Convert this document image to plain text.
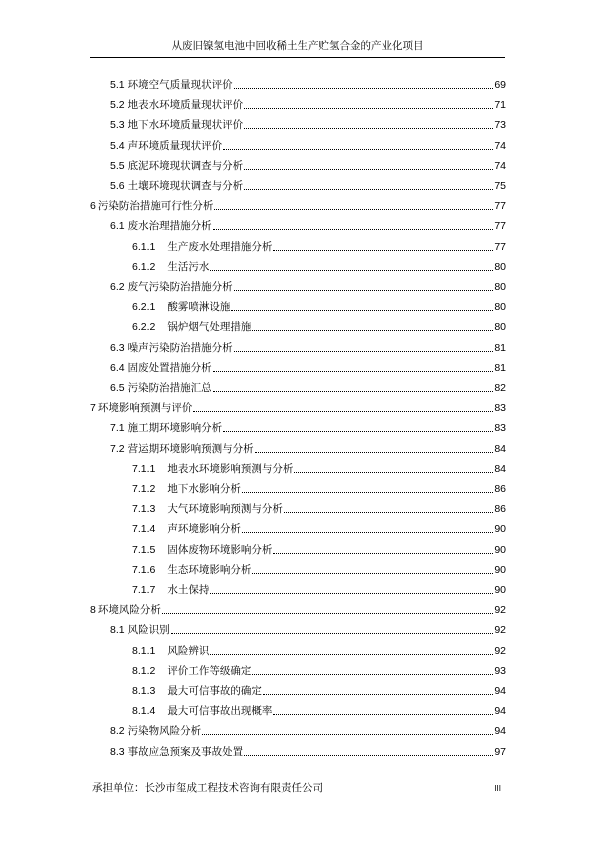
从废旧镍氢电池中回收稀土生产贮氢合金的产业化项目
5.1 环境空气质量现状评价	69
5.2 地表水环境质量现状评价	71
5.3 地下水环境质量现状评价	73
5.4 声环境质量现状评价	74
5.5 底泥环境现状调查与分析	74
5.6 土壤环境现状调查与分析	75
6 污染防治措施可行性分析	77
6.1 废水治理措施分析	77
6.1.1 生产废水处理措施分析	77
6.1.2 生活污水	80
6.2 废气污染防治措施分析	80
6.2.1 酸雾喷淋设施	80
6.2.2 锅炉烟气处理措施	80
6.3 噪声污染防治措施分析	81
6.4 固废处置措施分析	81
6.5 污染防治措施汇总	82
7 环境影响预测与评价	83
7.1 施工期环境影响分析	83
7.2 营运期环境影响预测与分析	84
7.1.1 地表水环境影响预测与分析	84
7.1.2 地下水影响分析	86
7.1.3 大气环境影响预测与分析	86
7.1.4 声环境影响分析	90
7.1.5 固体废物环境影响分析	90
7.1.6 生态环境影响分析	90
7.1.7 水土保持	90
8 环境风险分析	92
8.1 风险识别	92
8.1.1 风险辨识	92
8.1.2 评价工作等级确定	93
8.1.3 最大可信事故的确定	94
8.1.4 最大可信事故出现概率	94
8.2 污染物风险分析	94
8.3 事故应急预案及事故处置	97
承担单位：长沙市玺成工程技术咨询有限责任公司	III
